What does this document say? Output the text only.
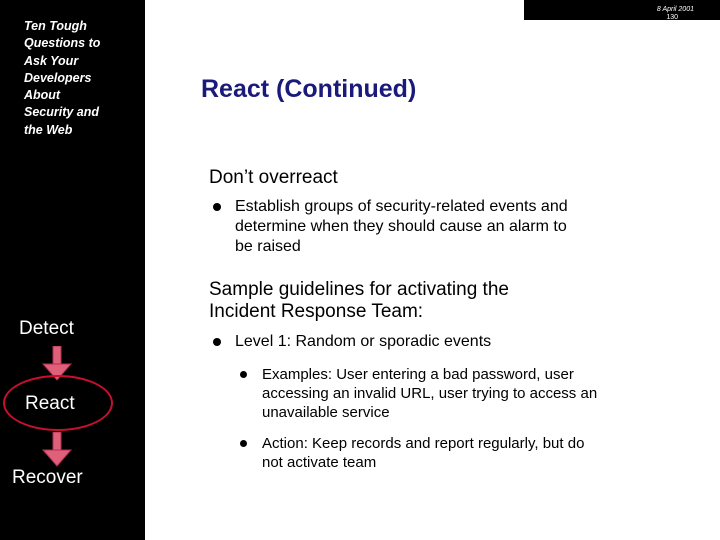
Ten Tough
Questions to
Ask Your
Developers
About
Security and
the Web
Detect
React
Recover
8 April 2001
130
React (Continued)
Don’t overreact
Establish groups of security-related events and
determine when they should cause an alarm to
be raised
Sample guidelines for activating the
Incident Response Team:
Level 1: Random or sporadic events
Examples: User entering a bad password, user
accessing an invalid URL, user trying to access an
unavailable service
Action: Keep records and report regularly, but do
not activate team
